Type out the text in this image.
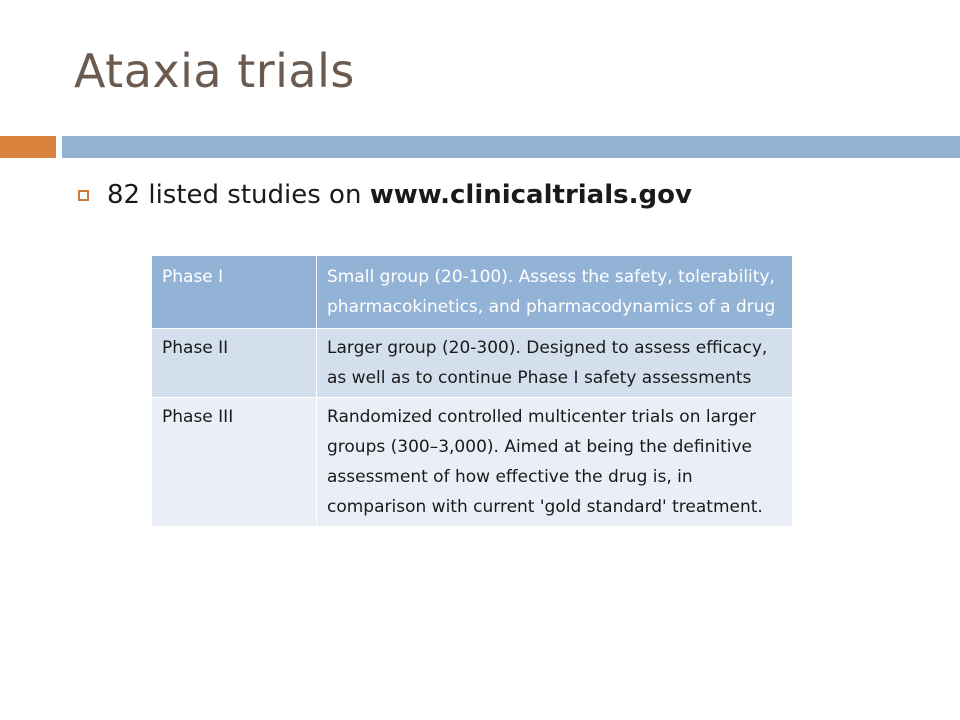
Ataxia trials
82 listed studies on www.clinicaltrials.gov
Phase I	Small group (20-100). Assess the safety, tolerability, pharmacokinetics, and pharmacodynamics of a drug
Phase II	Larger group (20-300). Designed to assess efficacy, as well as to continue Phase I safety assessments
Phase III	Randomized controlled multicenter trials on larger groups (300–3,000). Aimed at being the definitive assessment of how effective the drug is, in comparison with current 'gold standard' treatment.
